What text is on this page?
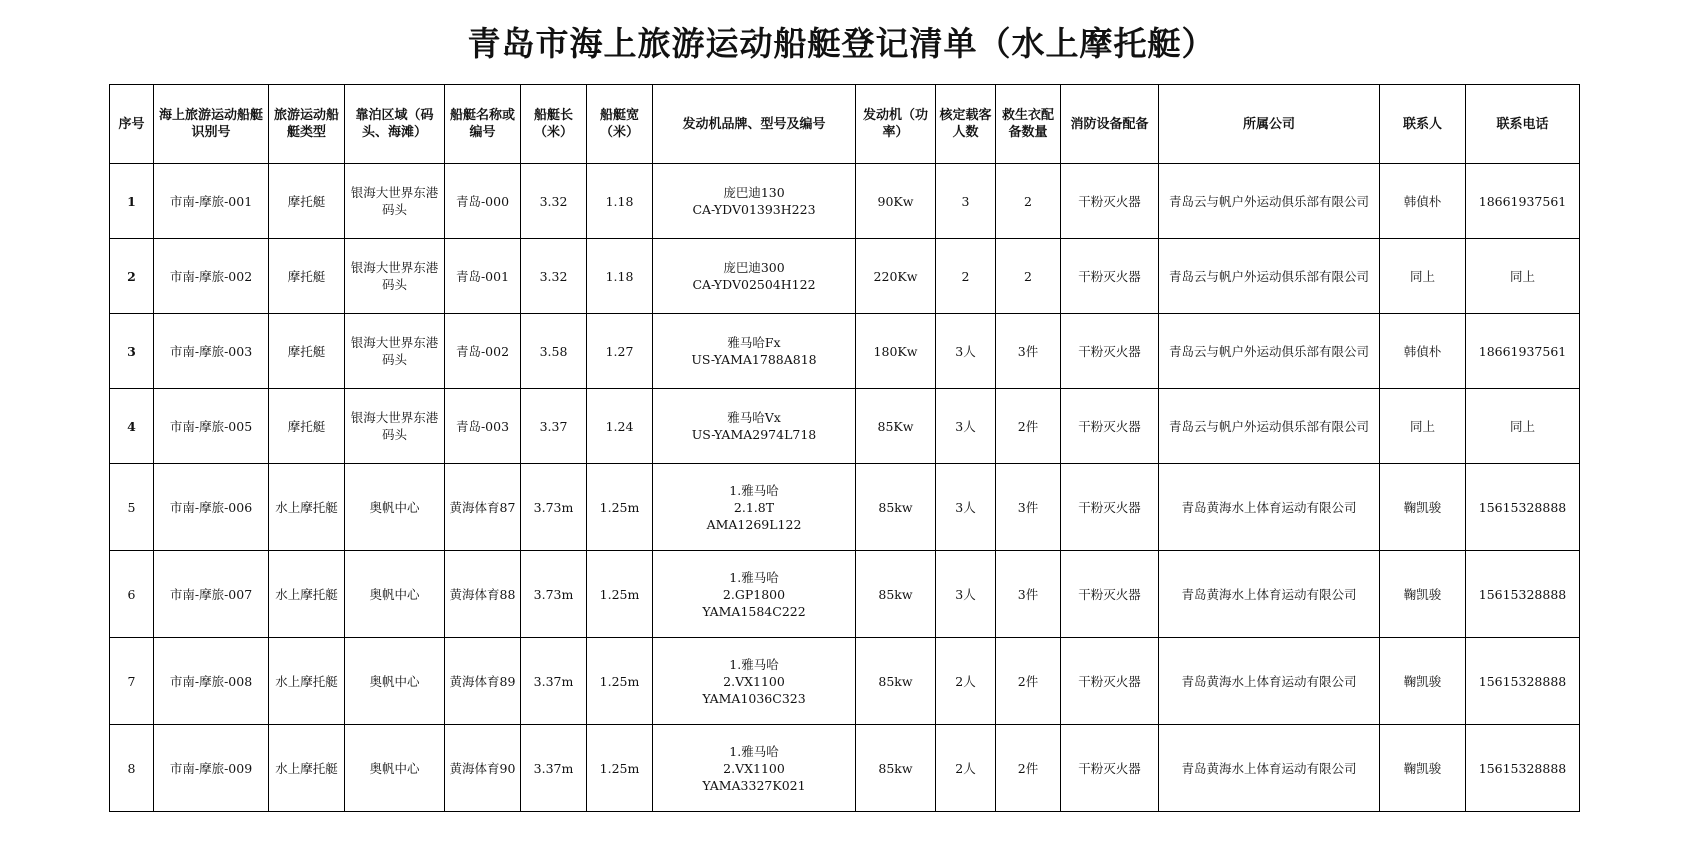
青岛市海上旅游运动船艇登记清单（水上摩托艇）
序号	海上旅游运动船艇识别号	旅游运动船艇类型	靠泊区域（码头、海滩）	船艇名称或编号	船艇长（米）	船艇宽（米）	发动机品牌、型号及编号	发动机（功率）	核定载客人数	救生衣配备数量	消防设备配备	所属公司	联系人	联系电话
1	市南-摩旅-001	摩托艇	银海大世界东港码头	青岛-000	3.32	1.18	庞巴迪130
CA-YDV01393H223	90Kw	3	2	干粉灭火器	青岛云与帆户外运动俱乐部有限公司	韩偵朴	18661937561
2	市南-摩旅-002	摩托艇	银海大世界东港码头	青岛-001	3.32	1.18	庞巴迪300
CA-YDV02504H122	220Kw	2	2	干粉灭火器	青岛云与帆户外运动俱乐部有限公司	同上	同上
3	市南-摩旅-003	摩托艇	银海大世界东港码头	青岛-002	3.58	1.27	雅马哈Fx
US-YAMA1788A818	180Kw	3人	3件	干粉灭火器	青岛云与帆户外运动俱乐部有限公司	韩偵朴	18661937561
4	市南-摩旅-005	摩托艇	银海大世界东港码头	青岛-003	3.37	1.24	雅马哈Vx
US-YAMA2974L718	85Kw	3人	2件	干粉灭火器	青岛云与帆户外运动俱乐部有限公司	同上	同上
5	市南-摩旅-006	水上摩托艇	奥帆中心	黄海体育87	3.73m	1.25m	1.雅马哈
2.1.8T
AMA1269L122	85kw	3人	3件	干粉灭火器	青岛黄海水上体育运动有限公司	鞠凯骏	15615328888
6	市南-摩旅-007	水上摩托艇	奥帆中心	黄海体育88	3.73m	1.25m	1.雅马哈
2.GP1800
YAMA1584C222	85kw	3人	3件	干粉灭火器	青岛黄海水上体育运动有限公司	鞠凯骏	15615328888
7	市南-摩旅-008	水上摩托艇	奥帆中心	黄海体育89	3.37m	1.25m	1.雅马哈
2.VX1100
YAMA1036C323	85kw	2人	2件	干粉灭火器	青岛黄海水上体育运动有限公司	鞠凯骏	15615328888
8	市南-摩旅-009	水上摩托艇	奥帆中心	黄海体育90	3.37m	1.25m	1.雅马哈
2.VX1100
YAMA3327K021	85kw	2人	2件	干粉灭火器	青岛黄海水上体育运动有限公司	鞠凯骏	15615328888
